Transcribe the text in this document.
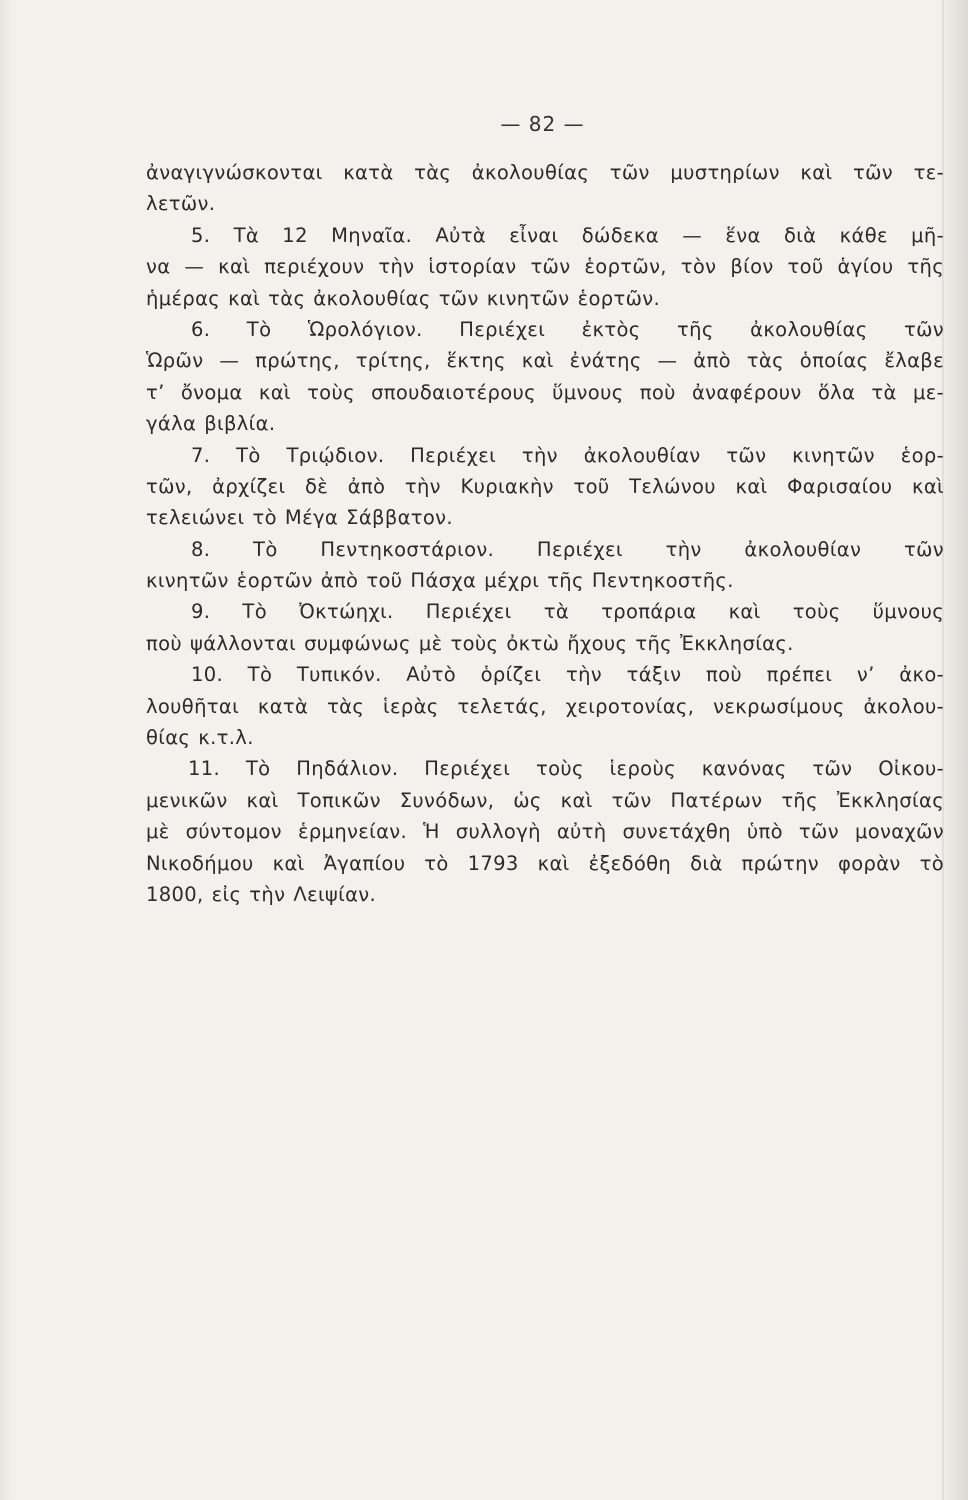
— 82 —
ἀναγιγνώσκονται κατὰ τὰς ἀκολουθίας τῶν μυστηρίων καὶ τῶν τε-
λετῶν.
5. Τὰ 12 Μηναῖα. Αὐτὰ εἶναι δώδεκα — ἕνα διὰ κάθε μῆ-
να — καὶ περιέχουν τὴν ἱστορίαν τῶν ἑορτῶν, τὸν βίον τοῦ ἁγίου τῆς
ἡμέρας καὶ τὰς ἀκολουθίας τῶν κινητῶν ἑορτῶν.
6. Τὸ Ὡρολόγιον. Περιέχει ἐκτὸς τῆς ἀκολουθίας τῶν
Ὡρῶν — πρώτης, τρίτης, ἕκτης καὶ ἐνάτης — ἀπὸ τὰς ὁποίας ἔλαβε
τ’ ὄνομα καὶ τοὺς σπουδαιοτέρους ὕμνους ποὺ ἀναφέρουν ὅλα τὰ με-
γάλα βιβλία.
7. Τὸ Τριῴδιον. Περιέχει τὴν ἀκολουθίαν τῶν κινητῶν ἑορ-
τῶν, ἀρχίζει δὲ ἀπὸ τὴν Κυριακὴν τοῦ Τελώνου καὶ Φαρισαίου καὶ
τελειώνει τὸ Μέγα Σάββατον.
8. Τὸ Πεντηκοστάριον. Περιέχει τὴν ἀκολουθίαν τῶν
κινητῶν ἑορτῶν ἀπὸ τοῦ Πάσχα μέχρι τῆς Πεντηκοστῆς.
9. Τὸ Ὀκτώηχι. Περιέχει τὰ τροπάρια καὶ τοὺς ὕμνους
ποὺ ψάλλονται συμφώνως μὲ τοὺς ὀκτὼ ἤχους τῆς Ἐκκλησίας.
10. Τὸ Τυπικόν. Αὐτὸ ὁρίζει τὴν τάξιν ποὺ πρέπει ν’ ἀκο-
λουθῆται κατὰ τὰς ἱερὰς τελετάς, χειροτονίας, νεκρωσίμους ἀκολου-
θίας κ.τ.λ.
11. Τὸ Πηδάλιον. Περιέχει τοὺς ἱεροὺς κανόνας τῶν Οἰκου-
μενικῶν καὶ Τοπικῶν Συνόδων, ὡς καὶ τῶν Πατέρων τῆς Ἐκκλησίας
μὲ σύντομον ἑρμηνείαν. Ἡ συλλογὴ αὐτὴ συνετάχθη ὑπὸ τῶν μοναχῶν
Νικοδήμου καὶ Ἀγαπίου τὸ 1793 καὶ ἐξεδόθη διὰ πρώτην φορὰν τὸ
1800, εἰς τὴν Λειψίαν.
